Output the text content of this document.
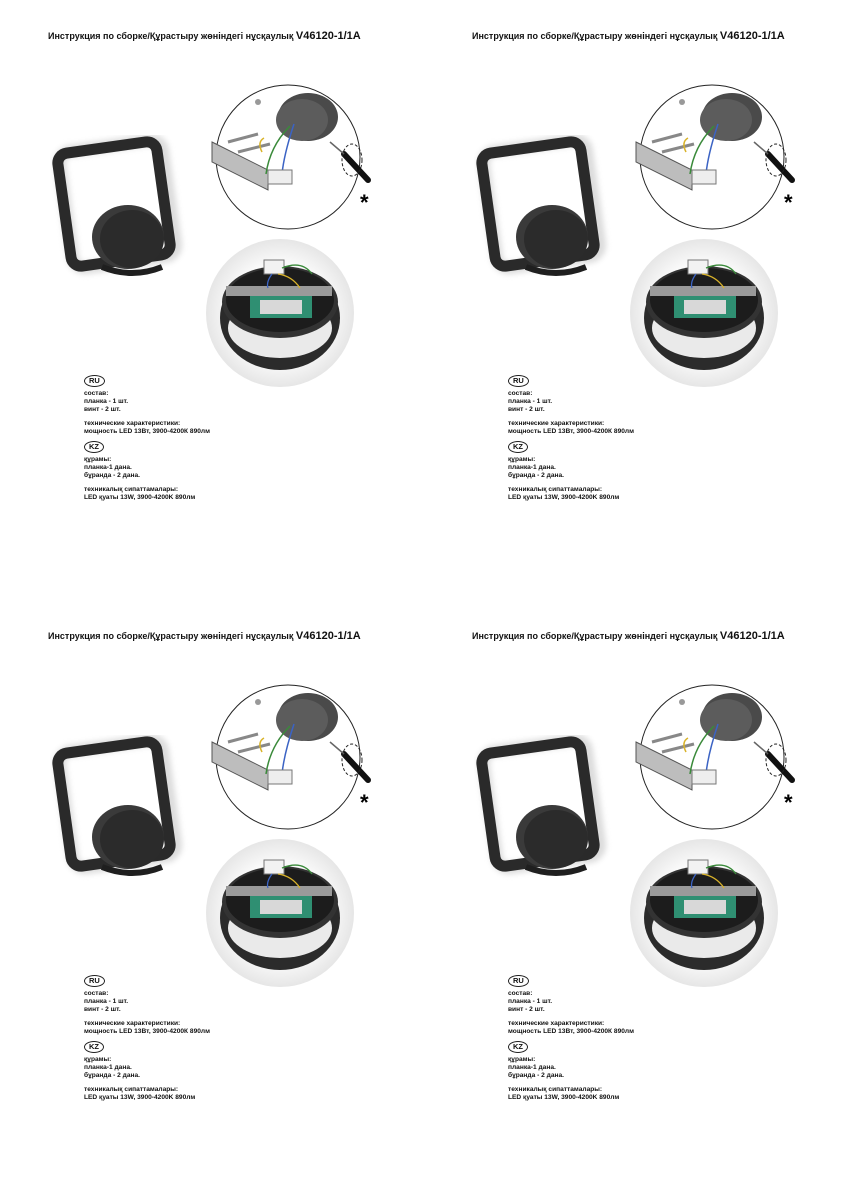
Инструкция по сборке/Құрастыру жөніндегі нұсқаулық V46120-1/1A
*
RU

состав:
планка - 1 шт.
винт - 2 шт.
технические характеристики:
мощность LED 13Вт, 3900-4200К 890лм
KZ

құрамы:
планка-1 дана.
бұранда - 2 дана.
техникалық сипаттамалары:
LED қуаты 13W, 3900-4200K 890лм
Инструкция по сборке/Құрастыру жөніндегі нұсқаулық V46120-1/1A
*
RU

состав:
планка - 1 шт.
винт - 2 шт.
технические характеристики:
мощность LED 13Вт, 3900-4200К 890лм
KZ

құрамы:
планка-1 дана.
бұранда - 2 дана.
техникалық сипаттамалары:
LED қуаты 13W, 3900-4200K 890лм
Инструкция по сборке/Құрастыру жөніндегі нұсқаулық V46120-1/1A
*
RU

состав:
планка - 1 шт.
винт - 2 шт.
технические характеристики:
мощность LED 13Вт, 3900-4200К 890лм
KZ

құрамы:
планка-1 дана.
бұранда - 2 дана.
техникалық сипаттамалары:
LED қуаты 13W, 3900-4200K 890лм
Инструкция по сборке/Құрастыру жөніндегі нұсқаулық V46120-1/1A
*
RU

состав:
планка - 1 шт.
винт - 2 шт.
технические характеристики:
мощность LED 13Вт, 3900-4200К 890лм
KZ

құрамы:
планка-1 дана.
бұранда - 2 дана.
техникалық сипаттамалары:
LED қуаты 13W, 3900-4200K 890лм
